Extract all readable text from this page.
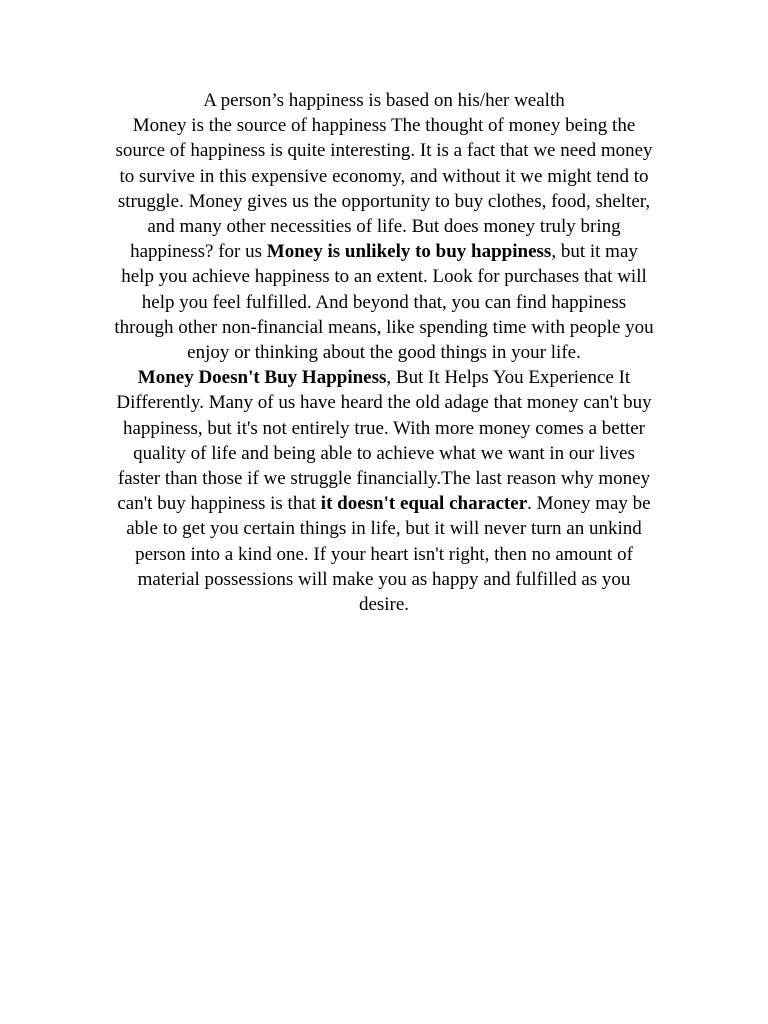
A person’s happiness is based on his/her wealth
Money is the source of happiness The thought of money being the source of happiness is quite interesting. It is a fact that we need money to survive in this expensive economy, and without it we might tend to struggle. Money gives us the opportunity to buy clothes, food, shelter, and many other necessities of life. But does money truly bring happiness? for us Money is unlikely to buy happiness, but it may help you achieve happiness to an extent. Look for purchases that will help you feel fulfilled. And beyond that, you can find happiness through other non-financial means, like spending time with people you enjoy or thinking about the good things in your life.

Money Doesn't Buy Happiness, But It Helps You Experience It Differently. Many of us have heard the old adage that money can't buy happiness, but it's not entirely true. With more money comes a better quality of life and being able to achieve what we want in our lives faster than those if we struggle financially.The last reason why money can't buy happiness is that it doesn't equal character. Money may be able to get you certain things in life, but it will never turn an unkind person into a kind one. If your heart isn't right, then no amount of material possessions will make you as happy and fulfilled as you desire.
